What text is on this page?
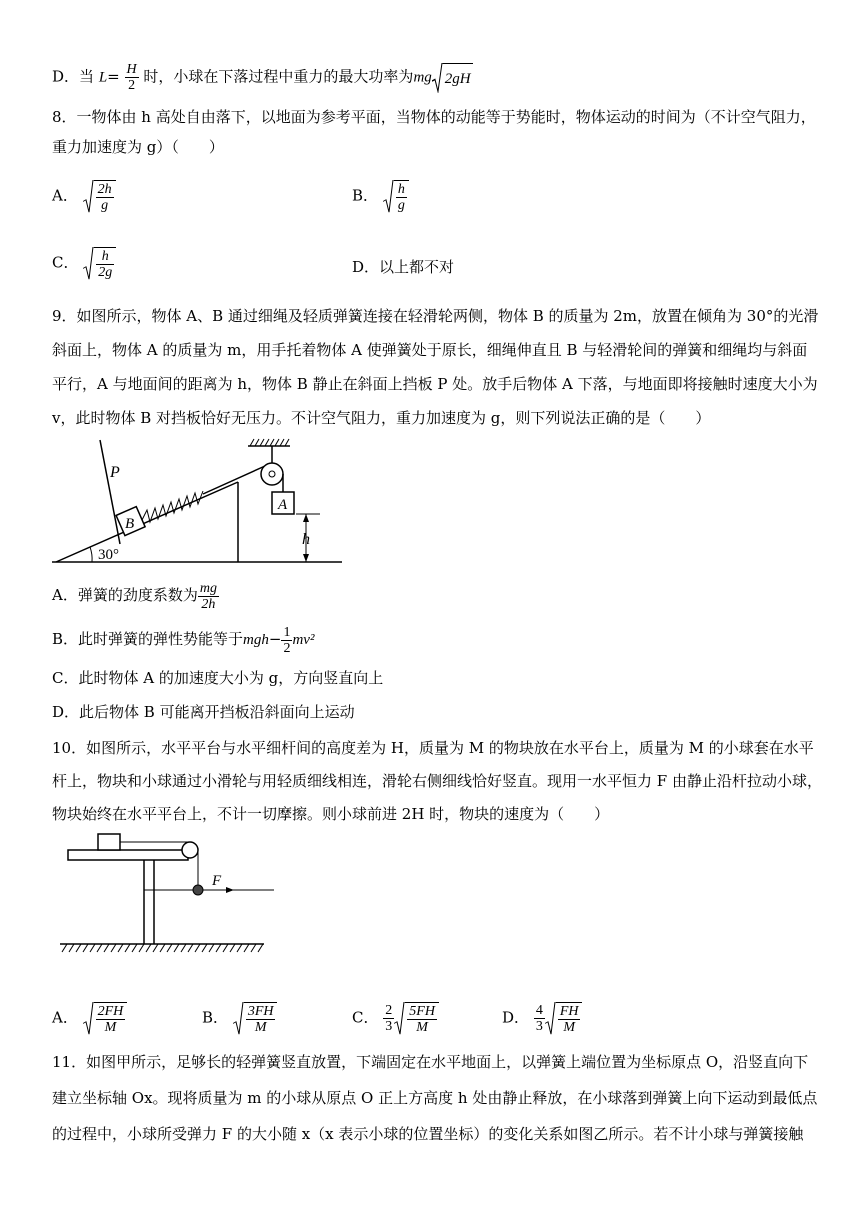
D．当 $L= \frac{H}{2}$ 时，小球在下落过程中重力的最大功率为mg 2gH
8．一物体由 h 高处自由落下，以地面为参考平面，当物体的动能等于势能时，物体运动的时间为（不计空气阻力，
重力加速度为 g）（　　）
A． $\frac{2h}{g}$	B． $\frac{h}{g}$
C． $\frac{h}{2g}$	D．以上都不对
9．如图所示，物体 A、B 通过细绳及轻质弹簧连接在轻滑轮两侧，物体 B 的质量为 2m，放置在倾角为 30°的光滑
斜面上，物体 A 的质量为 m，用手托着物体 A 使弹簧处于原长，细绳伸直且 B 与轻滑轮间的弹簧和细绳均与斜面
平行，A 与地面间的距离为 h，物体 B 静止在斜面上挡板 P 处。放手后物体 A 下落，与地面即将接触时速度大小为
v，此时物体 B 对挡板恰好无压力。不计空气阻力，重力加速度为 g，则下列说法正确的是（　　）
30°
P
B
A
h
A．弹簧的劲度系数为 $\frac{mg}{2h}$
B．此时弹簧的弹性势能等于$mgh- \frac{1}{2} mv^2$
C．此时物体 A 的加速度大小为 g，方向竖直向上
D．此后物体 B 可能离开挡板沿斜面向上运动
10．如图所示，水平平台与水平细杆间的高度差为 H，质量为 M 的物块放在水平台上，质量为 M 的小球套在水平
杆上，物块和小球通过小滑轮与用轻质细线相连，滑轮右侧细线恰好竖直。现用一水平恒力 F 由静止沿杆拉动小球，
物块始终在水平平台上，不计一切摩擦。则小球前进 2H 时，物块的速度为（　　）
F
A． $\frac{2FH}{M}$	B． $\frac{3FH}{M}$	C． $\frac{2}{3} \frac{5FH}{M}$	D． $\frac{4}{3} \frac{FH}{M}$
11．如图甲所示，足够长的轻弹簧竖直放置，下端固定在水平地面上，以弹簧上端位置为坐标原点 O，沿竖直向下
建立坐标轴 Ox。现将质量为 m 的小球从原点 O 正上方高度 h 处由静止释放，在小球落到弹簧上向下运动到最低点
的过程中，小球所受弹力 F 的大小随 x（x 表示小球的位置坐标）的变化关系如图乙所示。若不计小球与弹簧接触
